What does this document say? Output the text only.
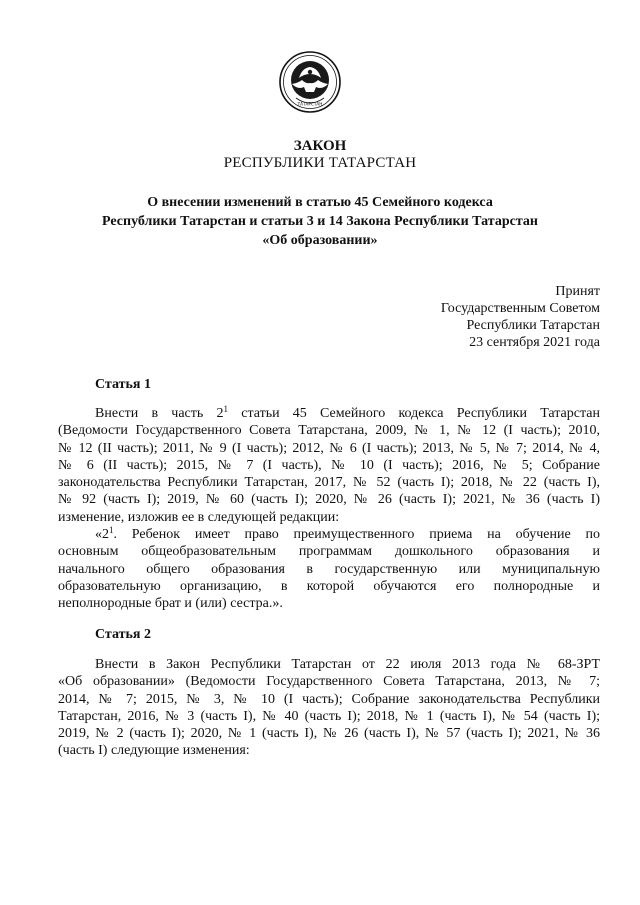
ТАТАРСТАН
ЗАКОН
РЕСПУБЛИКИ ТАТАРСТАН
О внесении изменений в статью 45 Семейного кодекса
Республики Татарстан и статьи 3 и 14 Закона Республики Татарстан
«Об образовании»
Принят
Государственным Советом
Республики Татарстан
23 сентября 2021 года
Статья 1
Внести в часть $2^1$ статьи 45 Семейного кодекса Республики Татарстан
(Ведомости Государственного Совета Татарстана, 2009, № 1, № 12 (I часть); 2010,
№ 12 (II часть); 2011, № 9 (I часть); 2012, № 6 (I часть); 2013, № 5, № 7; 2014, № 4,
№ 6 (II часть); 2015, № 7 (I часть), № 10 (I часть); 2016, № 5; Собрание
законодательства Республики Татарстан, 2017, № 52 (часть I); 2018, № 22 (часть I),
№ 92 (часть I); 2019, № 60 (часть I); 2020, № 26 (часть I); 2021, № 36 (часть I)
изменение, изложив ее в следующей редакции:
«$2^1$. Ребенок имеет право преимущественного приема на обучение по
основным общеобразовательным программам дошкольного образования и
начального общего образования в государственную или муниципальную
образовательную организацию, в которой обучаются его полнородные и
неполнородные брат и (или) сестра.».
Статья 2
Внести в Закон Республики Татарстан от 22 июля 2013 года № 68-ЗРТ
«Об образовании» (Ведомости Государственного Совета Татарстана, 2013, № 7;
2014, № 7; 2015, № 3, № 10 (I часть); Собрание законодательства Республики
Татарстан, 2016, № 3 (часть I), № 40 (часть I); 2018, № 1 (часть I), № 54 (часть I);
2019, № 2 (часть I); 2020, № 1 (часть I), № 26 (часть I), № 57 (часть I); 2021, № 36
(часть I) следующие изменения:
